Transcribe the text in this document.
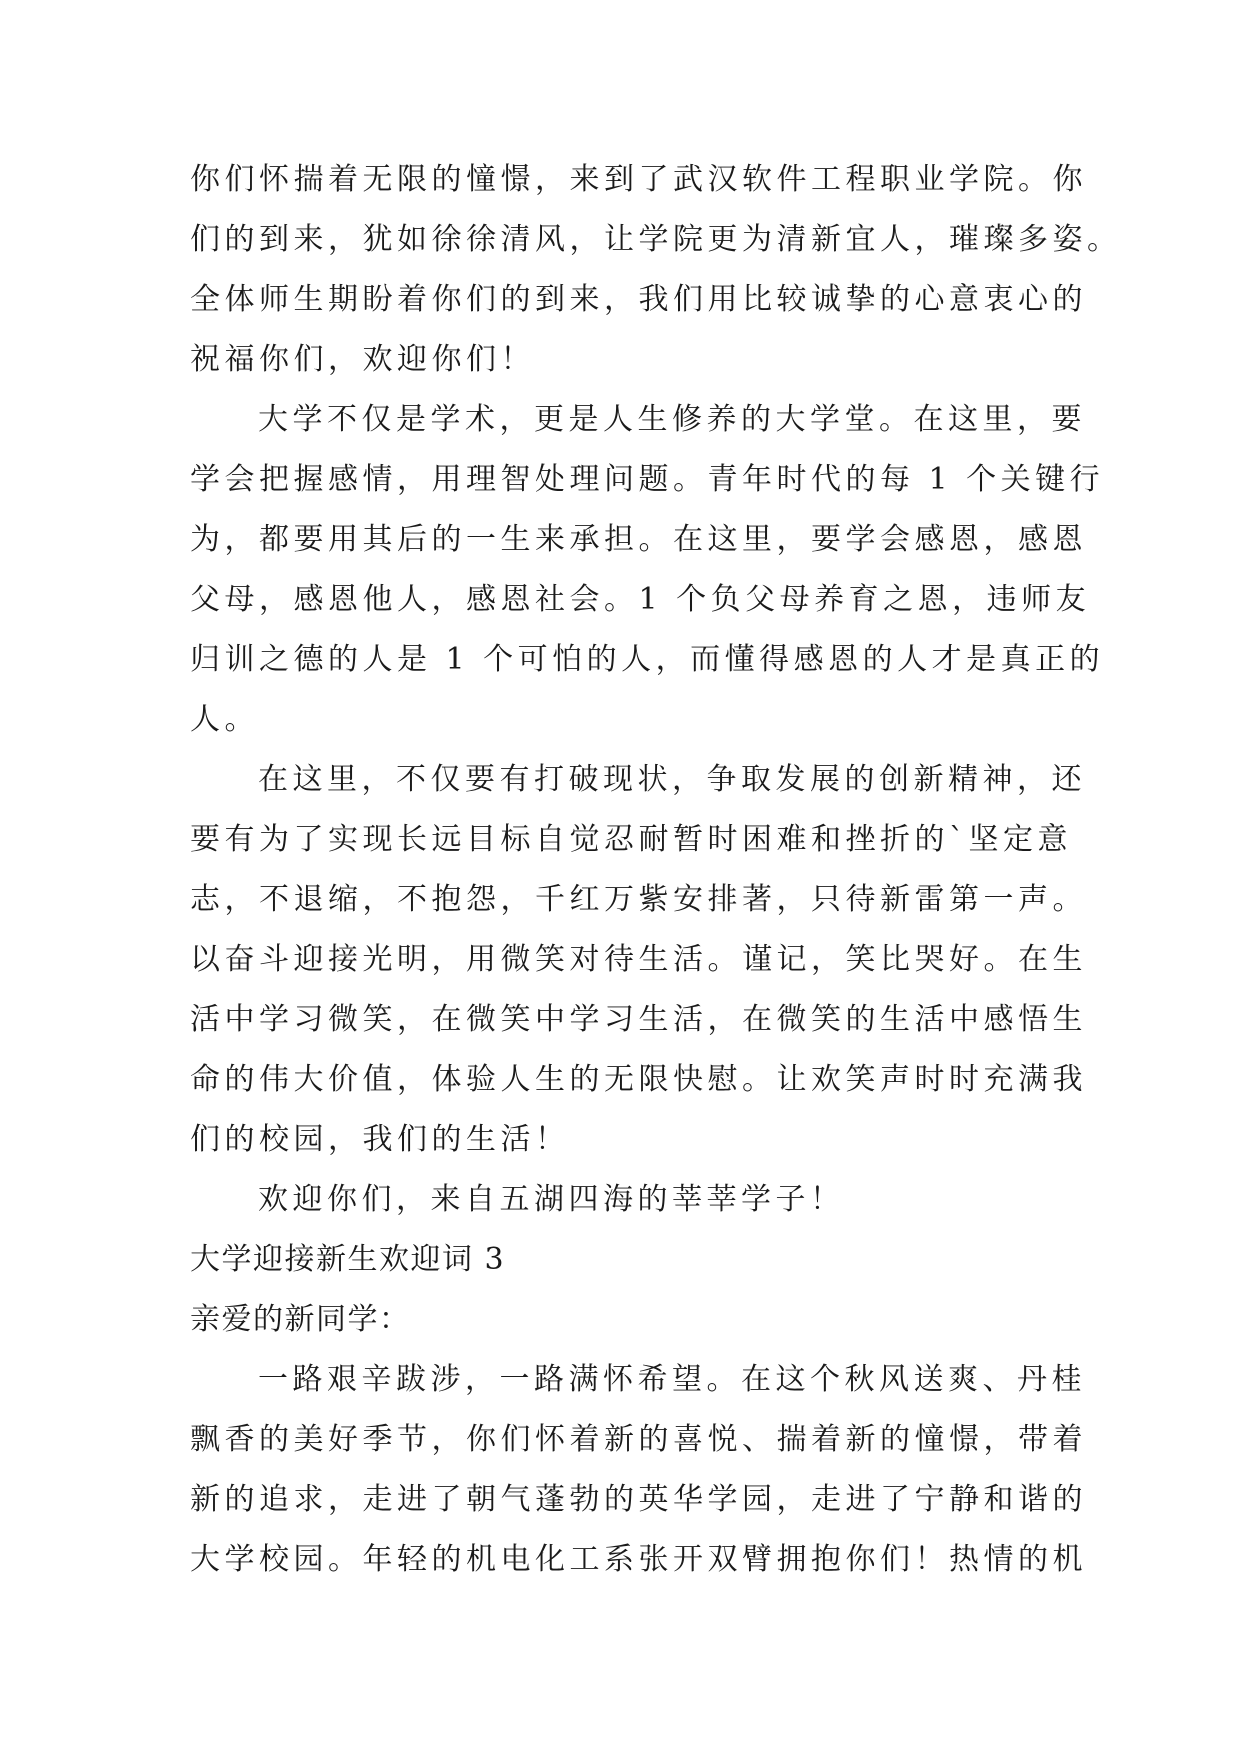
你们怀揣着无限的憧憬，来到了武汉软件工程职业学院。你
们的到来，犹如徐徐清风，让学院更为清新宜人，璀璨多姿。
全体师生期盼着你们的到来，我们用比较诚挚的心意衷心的
祝福你们，欢迎你们！
大学不仅是学术，更是人生修养的大学堂。在这里，要
学会把握感情，用理智处理问题。青年时代的每 1 个关键行
为，都要用其后的一生来承担。在这里，要学会感恩，感恩
父母，感恩他人，感恩社会。1 个负父母养育之恩，违师友
归训之德的人是 1 个可怕的人，而懂得感恩的人才是真正的
人。
在这里，不仅要有打破现状，争取发展的创新精神，还
要有为了实现长远目标自觉忍耐暂时困难和挫折的`坚定意
志，不退缩，不抱怨，千红万紫安排著，只待新雷第一声。
以奋斗迎接光明，用微笑对待生活。谨记，笑比哭好。在生
活中学习微笑，在微笑中学习生活，在微笑的生活中感悟生
命的伟大价值，体验人生的无限快慰。让欢笑声时时充满我
们的校园，我们的生活！
欢迎你们，来自五湖四海的莘莘学子！
大学迎接新生欢迎词 3
亲爱的新同学：
一路艰辛跋涉，一路满怀希望。在这个秋风送爽、丹桂
飘香的美好季节，你们怀着新的喜悦、揣着新的憧憬，带着
新的追求，走进了朝气蓬勃的英华学园，走进了宁静和谐的
大学校园。年轻的机电化工系张开双臂拥抱你们！热情的机
